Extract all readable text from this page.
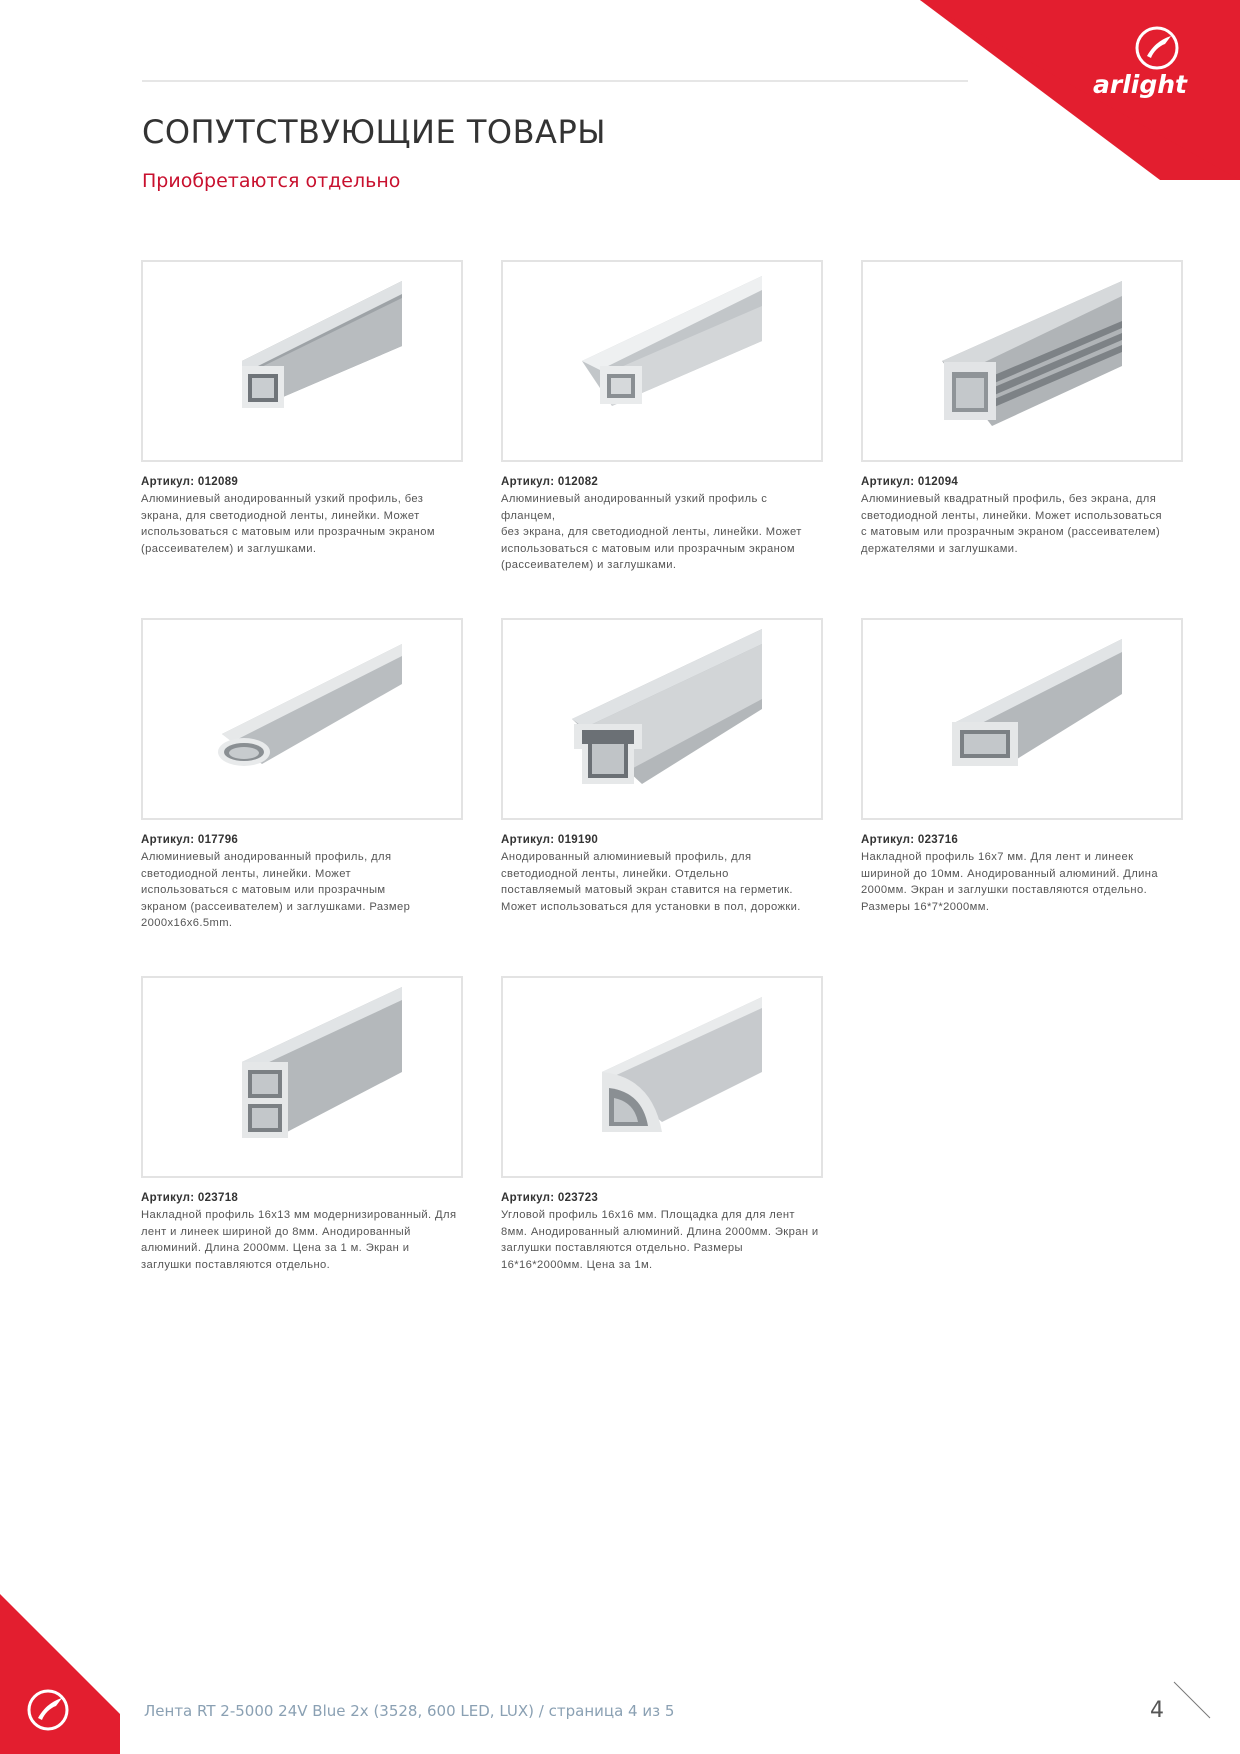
arlight
СОПУТСТВУЮЩИЕ ТОВАРЫ
Приобретаются отдельно
Артикул: 012089
Алюминиевый анодированный узкий профиль, без
экрана, для светодиодной ленты, линейки. Может
использоваться с матовым или прозрачным экраном
(рассеивателем) и заглушками.
Артикул: 012082
Алюминиевый анодированный узкий профиль с фланцем,
без экрана, для светодиодной ленты, линейки. Может
использоваться с матовым или прозрачным экраном
(рассеивателем) и заглушками.
Артикул: 012094
Алюминиевый квадратный профиль, без экрана, для
светодиодной ленты, линейки. Может использоваться
с матовым или прозрачным экраном (рассеивателем)
держателями и заглушками.
Артикул: 017796
Алюминиевый анодированный профиль, для
светодиодной ленты, линейки. Может
использоваться с матовым или прозрачным
экраном (рассеивателем) и заглушками. Размер
2000x16x6.5mm.
Артикул: 019190
Анодированный алюминиевый профиль, для
светодиодной ленты, линейки. Отдельно
поставляемый матовый экран ставится на герметик.
Может использоваться для установки в пол, дорожки.
Артикул: 023716
Накладной профиль 16x7 мм. Для лент и линеек
шириной до 10мм. Анодированный алюминий. Длина
2000мм. Экран и заглушки поставляются отдельно.
Размеры 16*7*2000мм.
Артикул: 023718
Накладной профиль 16x13 мм модернизированный. Для
лент и линеек шириной до 8мм. Анодированный
алюминий. Длина 2000мм. Цена за 1 м. Экран и
заглушки поставляются отдельно.
Артикул: 023723
Угловой профиль 16x16 мм. Площадка для для лент
8мм. Анодированный алюминий. Длина 2000мм. Экран и
заглушки поставляются отдельно. Размеры
16*16*2000мм. Цена за 1м.
Лента RT 2-5000 24V Blue 2x (3528, 600 LED, LUX) / страница 4 из 5	4
